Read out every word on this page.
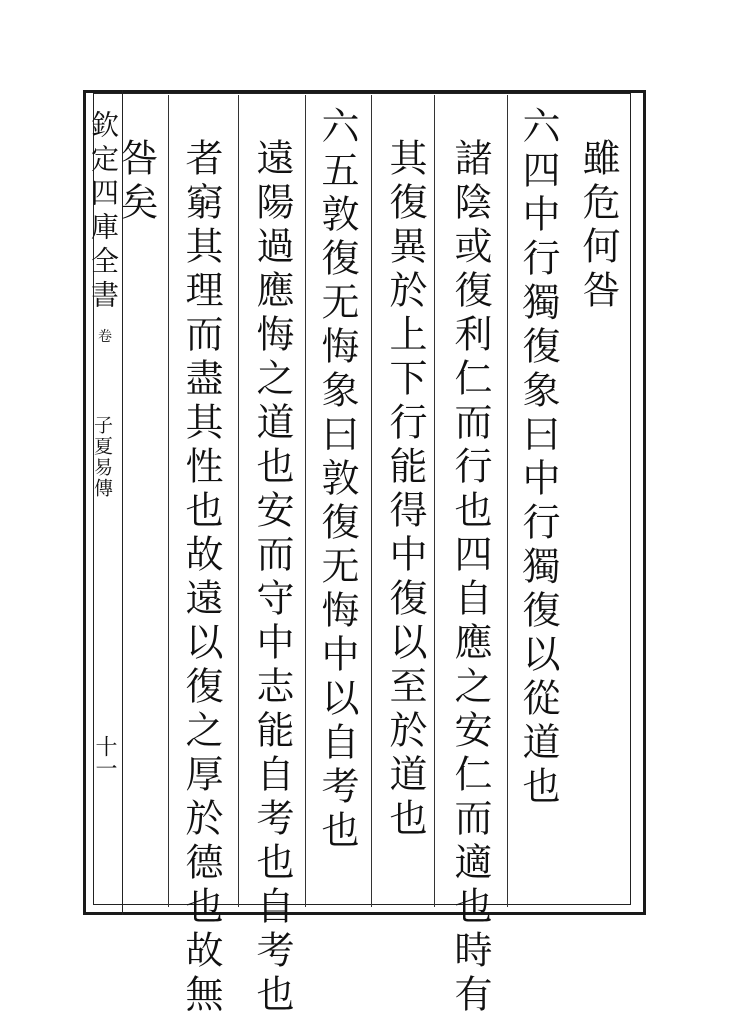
欽定四庫全書
卷
子夏易傳
十一
雖危何咎
六四中行獨復象曰中行獨復以從道也
諸陰或復利仁而行也四自應之安仁而適也時有
其復異於上下行能得中復以至於道也
六五敦復无悔象曰敦復无悔中以自考也
遠陽過應悔之道也安而守中志能自考也自考也
者窮其理而盡其性也故遠以復之厚於德也故無
咎矣
